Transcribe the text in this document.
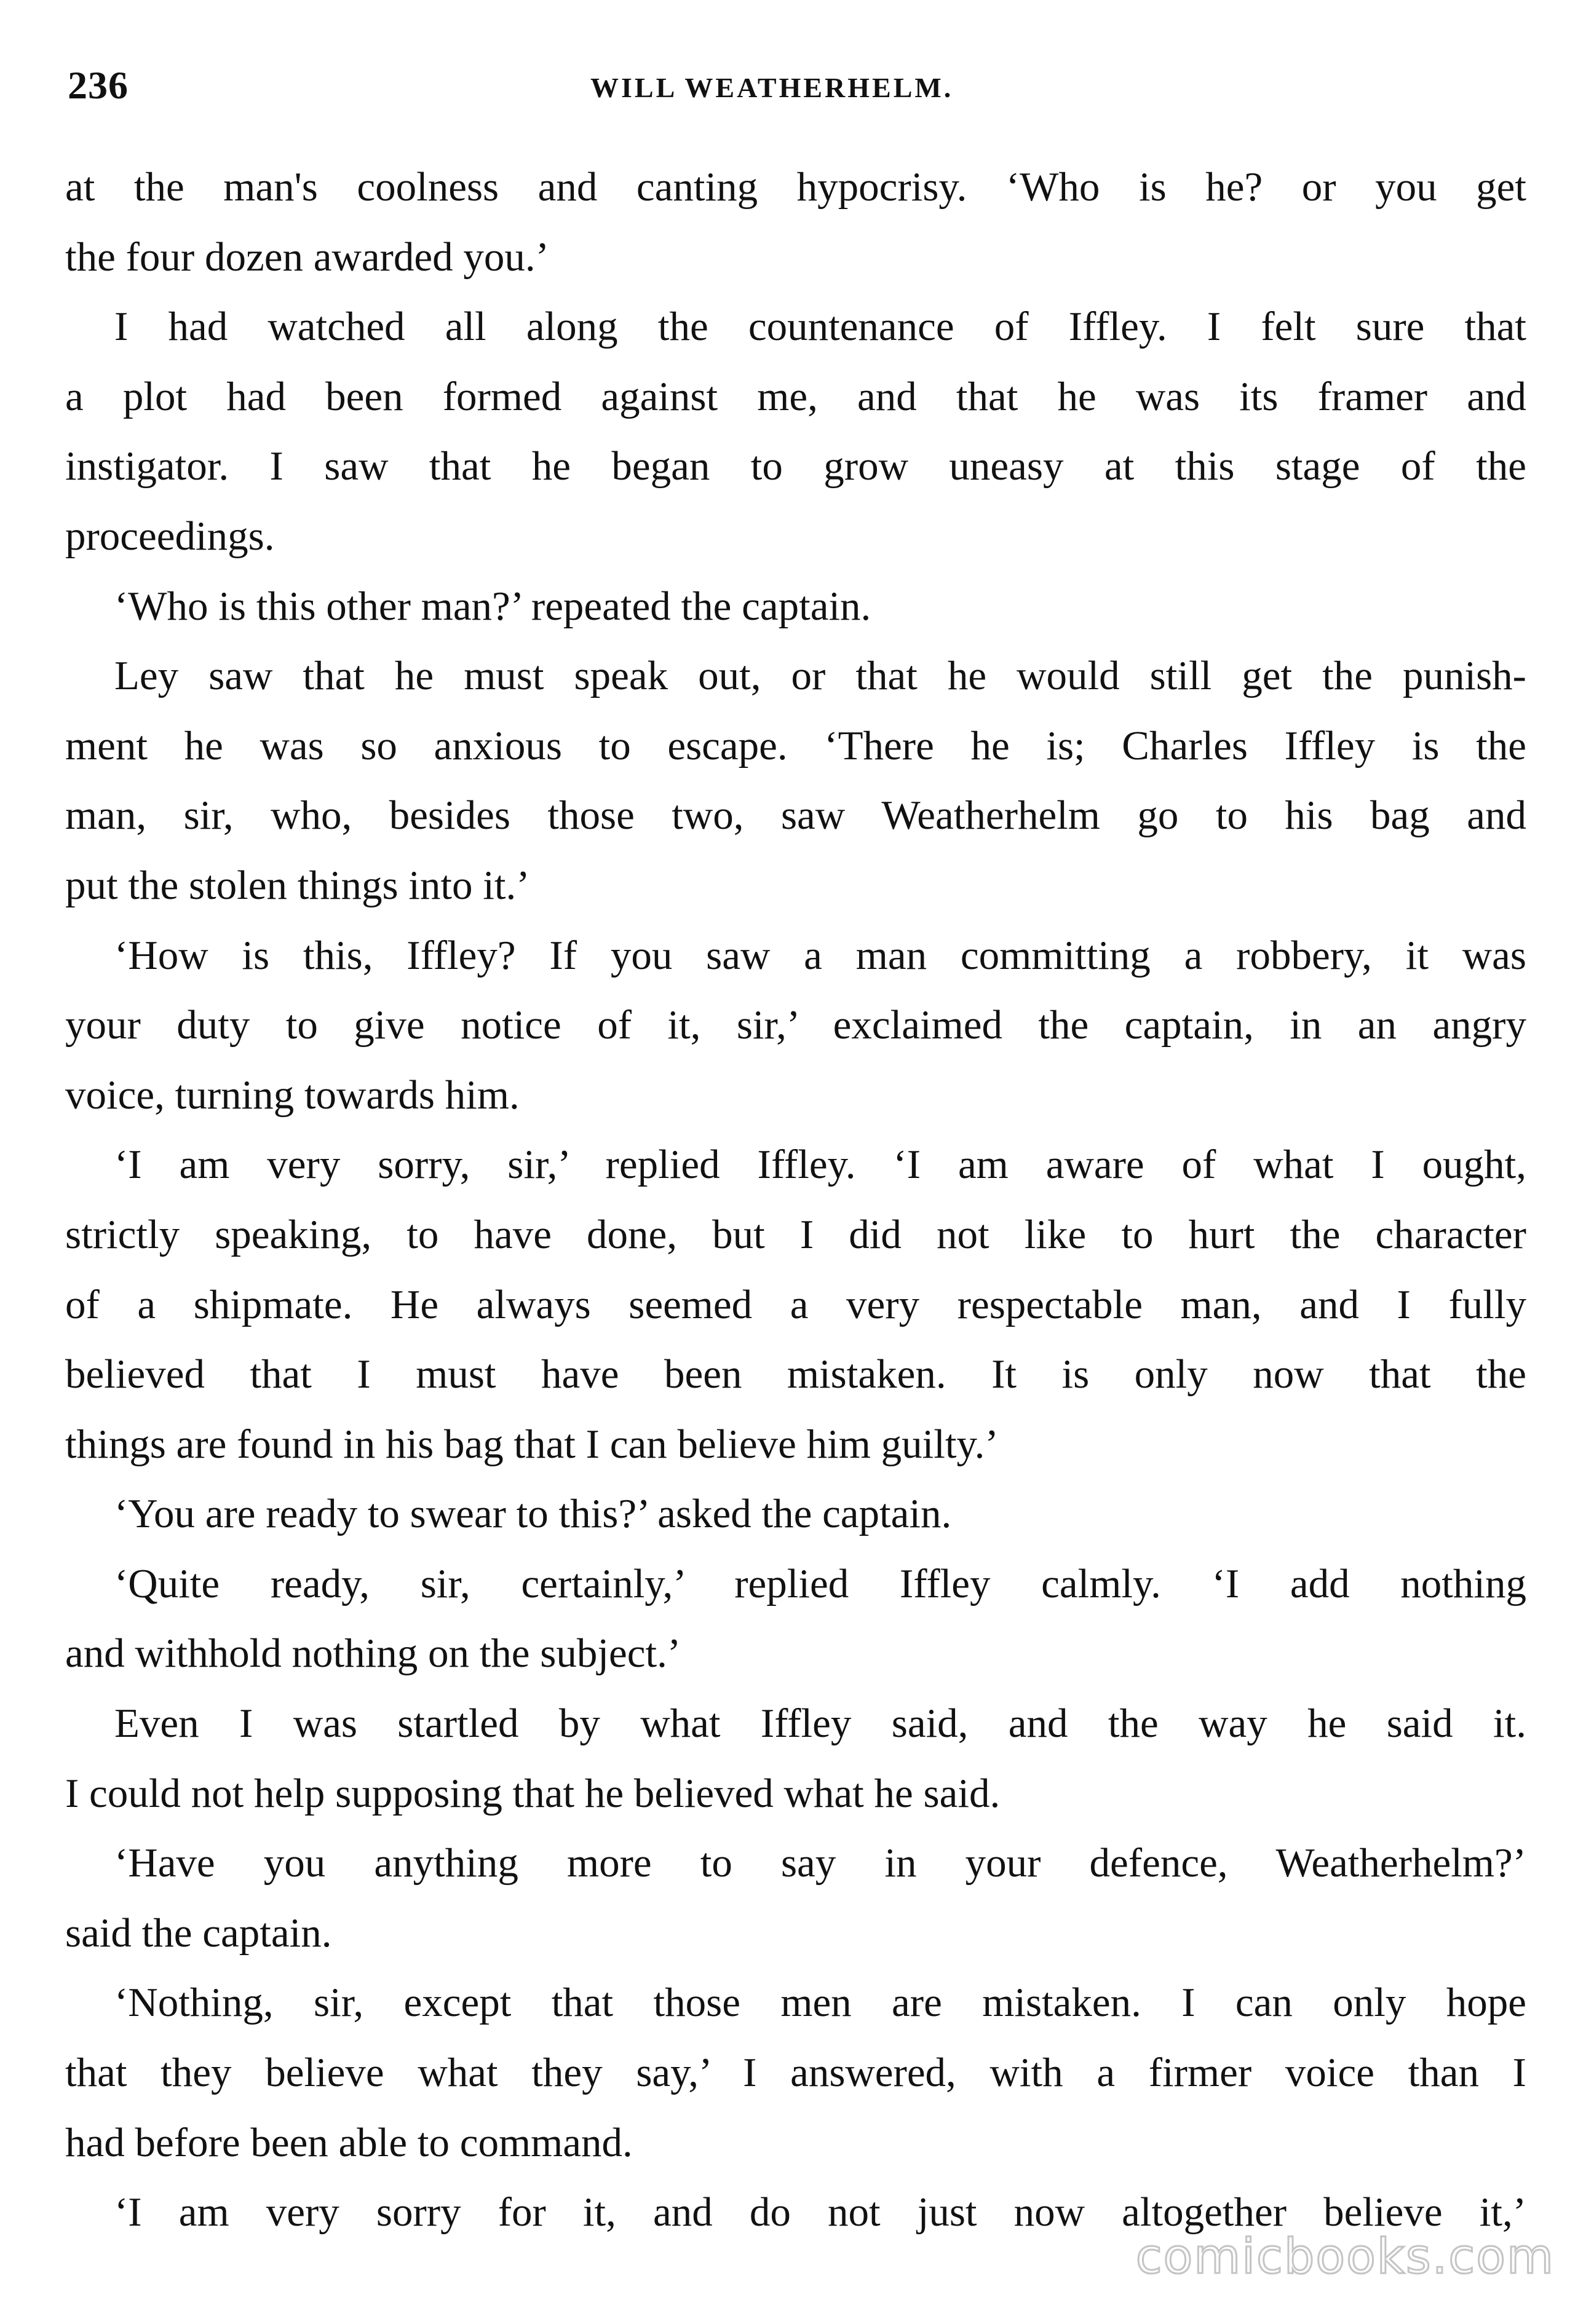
236	WILL WEATHERHELM.
at the man's coolness and canting hypocrisy. ‘Who is he? or you get
the four dozen awarded you.’
I had watched all along the countenance of Iffley. I felt sure that
a plot had been formed against me, and that he was its framer and
instigator. I saw that he began to grow uneasy at this stage of the
proceedings.
‘Who is this other man?’ repeated the captain.
Ley saw that he must speak out, or that he would still get the punish-
ment he was so anxious to escape. ‘There he is; Charles Iffley is the
man, sir, who, besides those two, saw Weatherhelm go to his bag and
put the stolen things into it.’
‘How is this, Iffley? If you saw a man committing a robbery, it was
your duty to give notice of it, sir,’ exclaimed the captain, in an angry
voice, turning towards him.
‘I am very sorry, sir,’ replied Iffley. ‘I am aware of what I ought,
strictly speaking, to have done, but I did not like to hurt the character
of a shipmate. He always seemed a very respectable man, and I fully
believed that I must have been mistaken. It is only now that the
things are found in his bag that I can believe him guilty.’
‘You are ready to swear to this?’ asked the captain.
‘Quite ready, sir, certainly,’ replied Iffley calmly. ‘I add nothing
and withhold nothing on the subject.’
Even I was startled by what Iffley said, and the way he said it.
I could not help supposing that he believed what he said.
‘Have you anything more to say in your defence, Weatherhelm?’
said the captain.
‘Nothing, sir, except that those men are mistaken. I can only hope
that they believe what they say,’ I answered, with a firmer voice than I
had before been able to command.
‘I am very sorry for it, and do not just now altogether believe it,’
comicbooks.com
